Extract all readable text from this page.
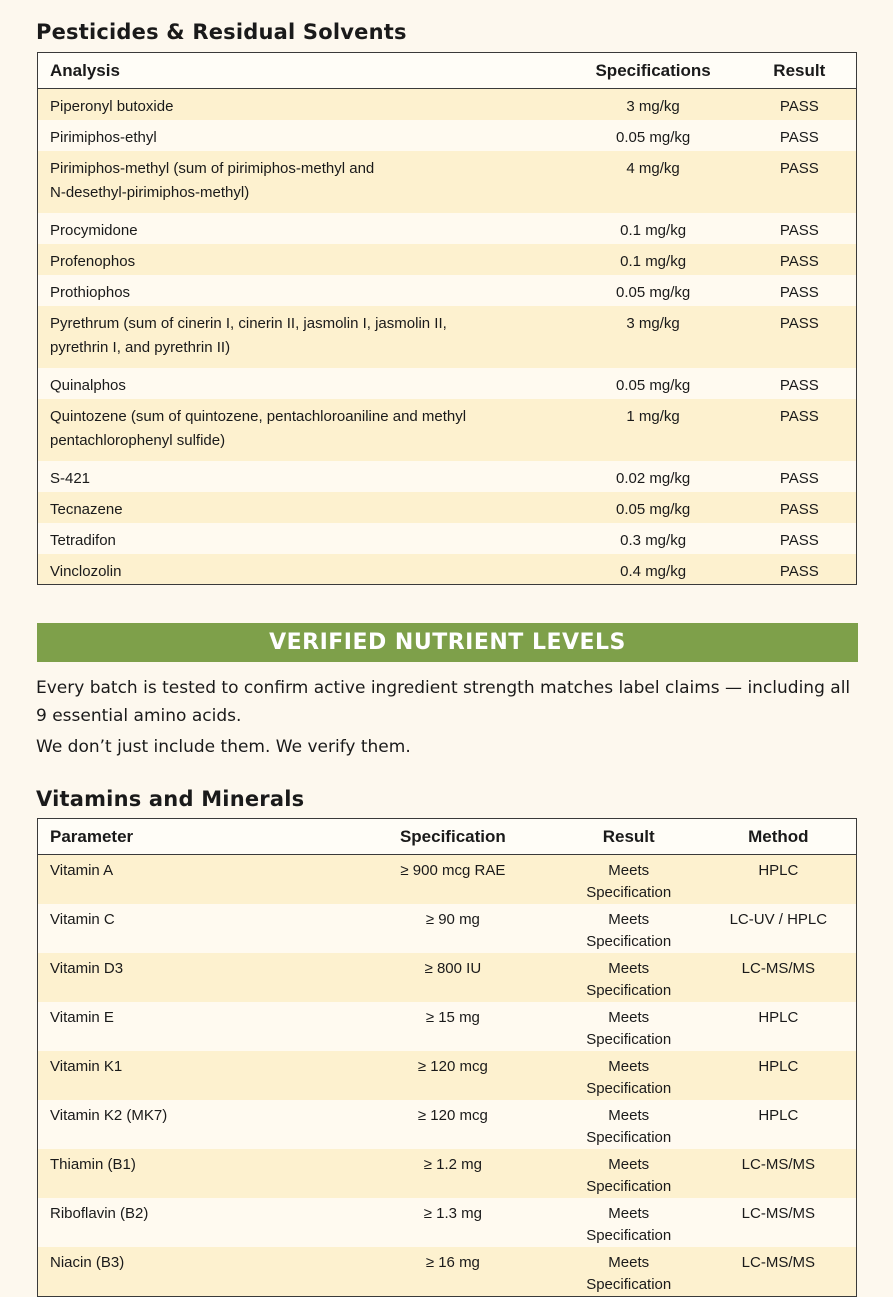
Pesticides & Residual Solvents
Analysis	Specifications	Result
Piperonyl butoxide	3 mg/kg	PASS
Pirimiphos-ethyl	0.05 mg/kg	PASS
Pirimiphos-methyl (sum of pirimiphos-methyl and
N-desethyl-pirimiphos-methyl)	4 mg/kg	PASS
Procymidone	0.1 mg/kg	PASS
Profenophos	0.1 mg/kg	PASS
Prothiophos	0.05 mg/kg	PASS
Pyrethrum (sum of cinerin I, cinerin II, jasmolin I, jasmolin II,
pyrethrin I, and pyrethrin II)	3 mg/kg	PASS
Quinalphos	0.05 mg/kg	PASS
Quintozene (sum of quintozene, pentachloroaniline and methyl
pentachlorophenyl sulfide)	1 mg/kg	PASS
S-421	0.02 mg/kg	PASS
Tecnazene	0.05 mg/kg	PASS
Tetradifon	0.3 mg/kg	PASS
Vinclozolin	0.4 mg/kg	PASS
VERIFIED NUTRIENT LEVELS

Every batch is tested to confirm active ingredient strength matches label claims — including all 9 essential amino acids.

We don’t just include them. We verify them.

Vitamins and Minerals
Parameter	Specification	Result	Method
Vitamin A	≥ 900 mcg RAE	Meets Specification	HPLC
Vitamin C	≥ 90 mg	Meets Specification	LC-UV / HPLC
Vitamin D3	≥ 800 IU	Meets Specification	LC-MS/MS
Vitamin E	≥ 15 mg	Meets Specification	HPLC
Vitamin K1	≥ 120 mcg	Meets Specification	HPLC
Vitamin K2 (MK7)	≥ 120 mcg	Meets Specification	HPLC
Thiamin (B1)	≥ 1.2 mg	Meets Specification	LC-MS/MS
Riboflavin (B2)	≥ 1.3 mg	Meets Specification	LC-MS/MS
Niacin (B3)	≥ 16 mg	Meets Specification	LC-MS/MS
